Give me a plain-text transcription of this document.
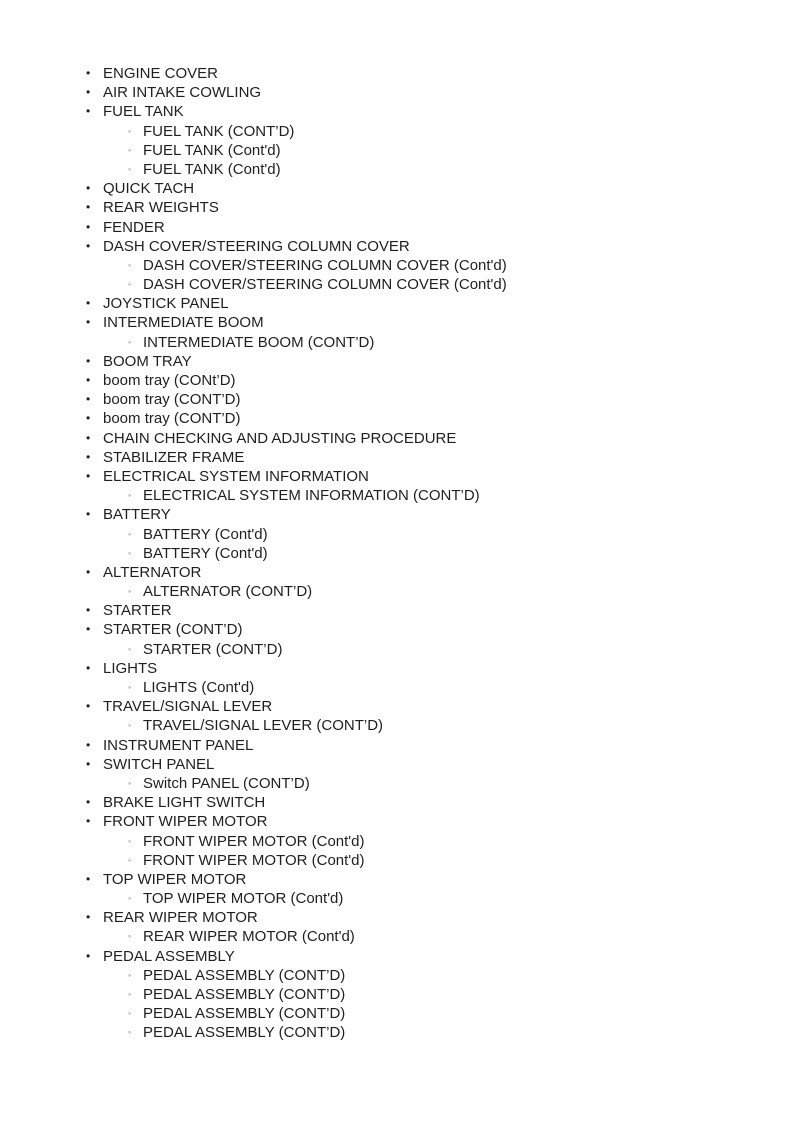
• ENGINE COVER
• AIR INTAKE COWLING
• FUEL TANK
◦ FUEL TANK (CONT’D)
◦ FUEL TANK (Cont'd)
◦ FUEL TANK (Cont'd)
• QUICK TACH
• REAR WEIGHTS
• FENDER
• DASH COVER/STEERING COLUMN COVER
◦ DASH COVER/STEERING COLUMN COVER (Cont'd)
◦ DASH COVER/STEERING COLUMN COVER (Cont'd)
• JOYSTICK PANEL
• INTERMEDIATE BOOM
◦ INTERMEDIATE BOOM (CONT’D)
• BOOM TRAY
• boom tray (CONt’D)
• boom tray (CONT’D)
• boom tray (CONT’D)
• CHAIN CHECKING AND ADJUSTING PROCEDURE
• STABILIZER FRAME
• ELECTRICAL SYSTEM INFORMATION
◦ ELECTRICAL SYSTEM INFORMATION (CONT’D)
• BATTERY
◦ BATTERY (Cont'd)
◦ BATTERY (Cont'd)
• ALTERNATOR
◦ ALTERNATOR (CONT’D)
• STARTER
• STARTER (CONT’D)
◦ STARTER (CONT’D)
• LIGHTS
◦ LIGHTS (Cont'd)
• TRAVEL/SIGNAL LEVER
◦ TRAVEL/SIGNAL LEVER (CONT’D)
• INSTRUMENT PANEL
• SWITCH PANEL
◦ Switch PANEL (CONT’D)
• BRAKE LIGHT SWITCH
• FRONT WIPER MOTOR
◦ FRONT WIPER MOTOR (Cont'd)
◦ FRONT WIPER MOTOR (Cont'd)
• TOP WIPER MOTOR
◦ TOP WIPER MOTOR (Cont'd)
• REAR WIPER MOTOR
◦ REAR WIPER MOTOR (Cont'd)
• PEDAL ASSEMBLY
◦ PEDAL ASSEMBLY (CONT’D)
◦ PEDAL ASSEMBLY (CONT’D)
◦ PEDAL ASSEMBLY (CONT’D)
◦ PEDAL ASSEMBLY (CONT’D)
